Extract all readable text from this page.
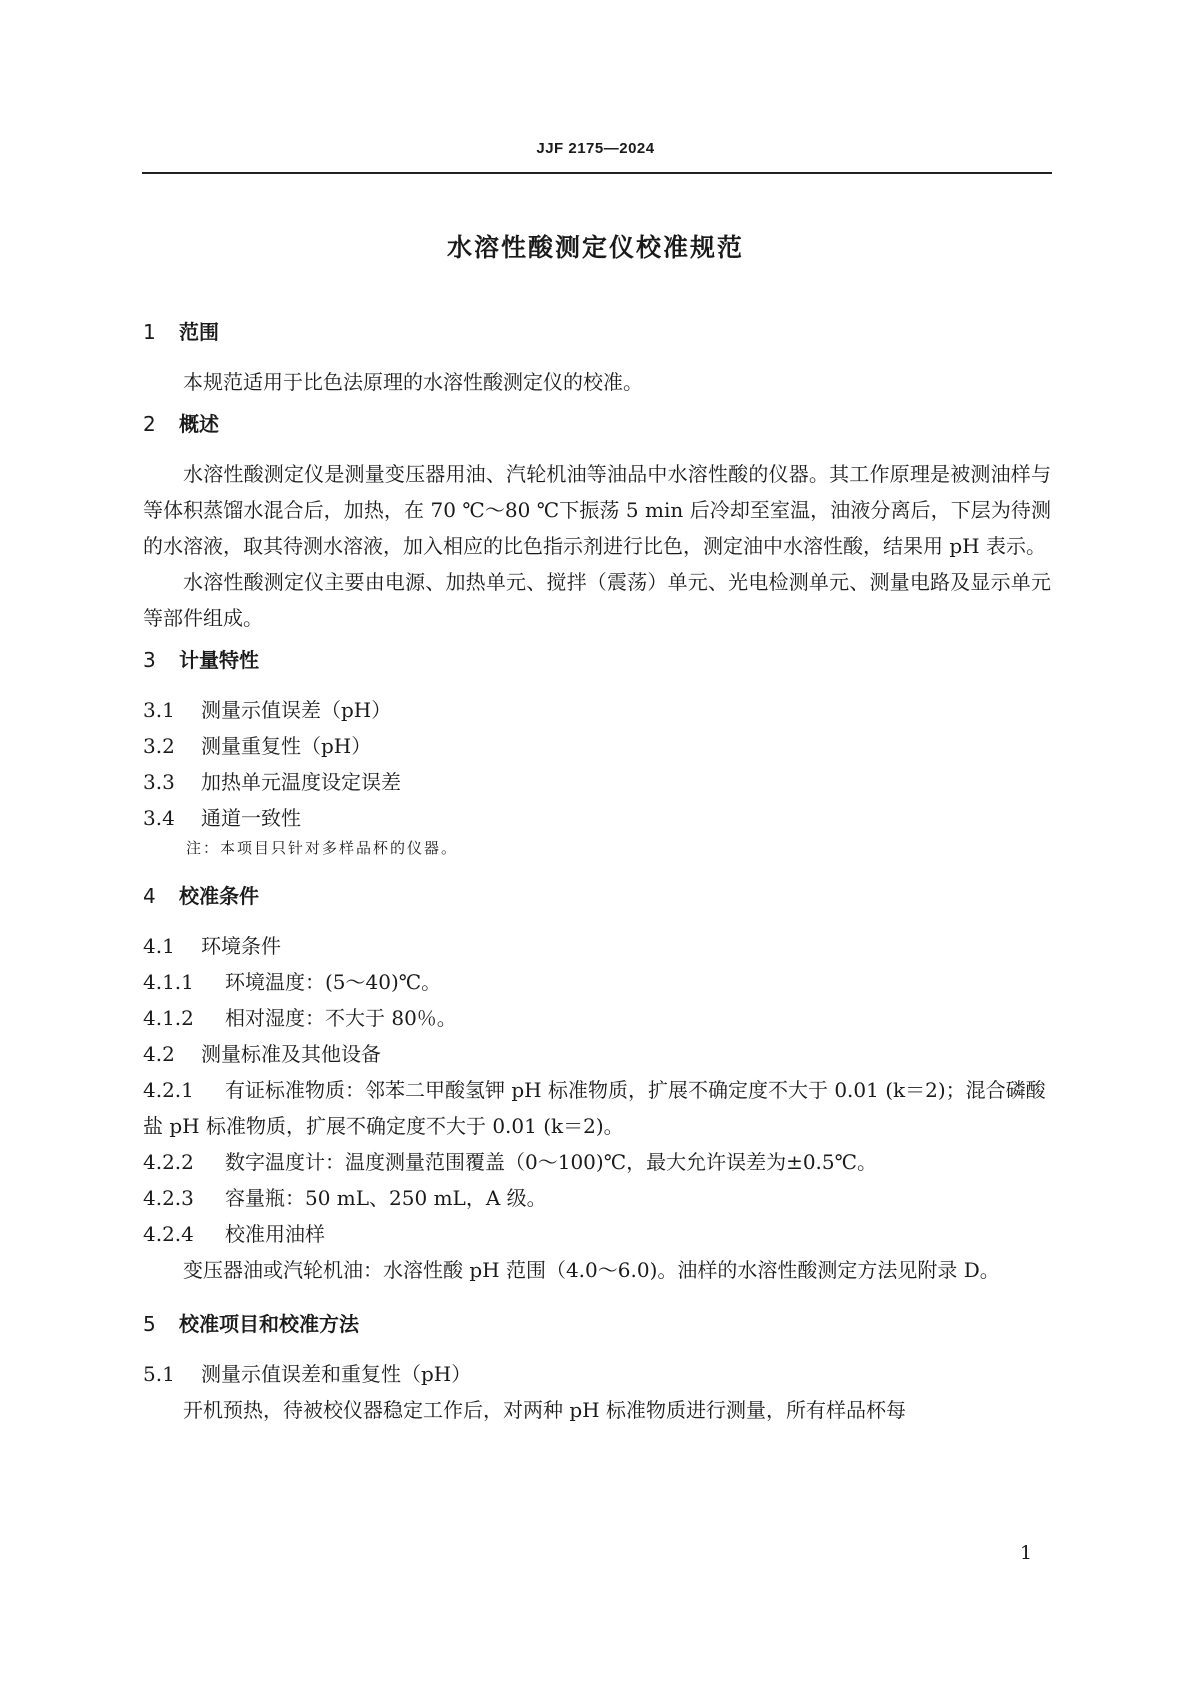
JJF 2175—2024
水溶性酸测定仪校准规范

1 范围

本规范适用于比色法原理的水溶性酸测定仪的校准。

2 概述

水溶性酸测定仪是测量变压器用油、汽轮机油等油品中水溶性酸的仪器。其工作原理是被测油样与等体积蒸馏水混合后，加热，在 70 ℃～80 ℃下振荡 5 min 后冷却至室温，油液分离后，下层为待测的水溶液，取其待测水溶液，加入相应的比色指示剂进行比色，测定油中水溶性酸，结果用 pH 表示。

水溶性酸测定仪主要由电源、加热单元、搅拌（震荡）单元、光电检测单元、测量电路及显示单元等部件组成。

3 计量特性

3.1 测量示值误差（pH）

3.2 测量重复性（pH）

3.3 加热单元温度设定误差

3.4 通道一致性

注：本项目只针对多样品杯的仪器。

4 校准条件

4.1 环境条件

4.1.1 环境温度：(5～40)℃。

4.1.2 相对湿度：不大于 80％。

4.2 测量标准及其他设备

4.2.1 有证标准物质：邻苯二甲酸氢钾 pH 标准物质，扩展不确定度不大于 0.01 (k＝2)；混合磷酸盐 pH 标准物质，扩展不确定度不大于 0.01 (k＝2)。

4.2.2 数字温度计：温度测量范围覆盖（0～100)℃，最大允许误差为±0.5℃。

4.2.3 容量瓶：50 mL、250 mL，A 级。

4.2.4 校准用油样

变压器油或汽轮机油：水溶性酸 pH 范围（4.0～6.0)。油样的水溶性酸测定方法见附录 D。

5 校准项目和校准方法

5.1 测量示值误差和重复性（pH）

开机预热，待被校仪器稳定工作后，对两种 pH 标准物质进行测量，所有样品杯每

1
